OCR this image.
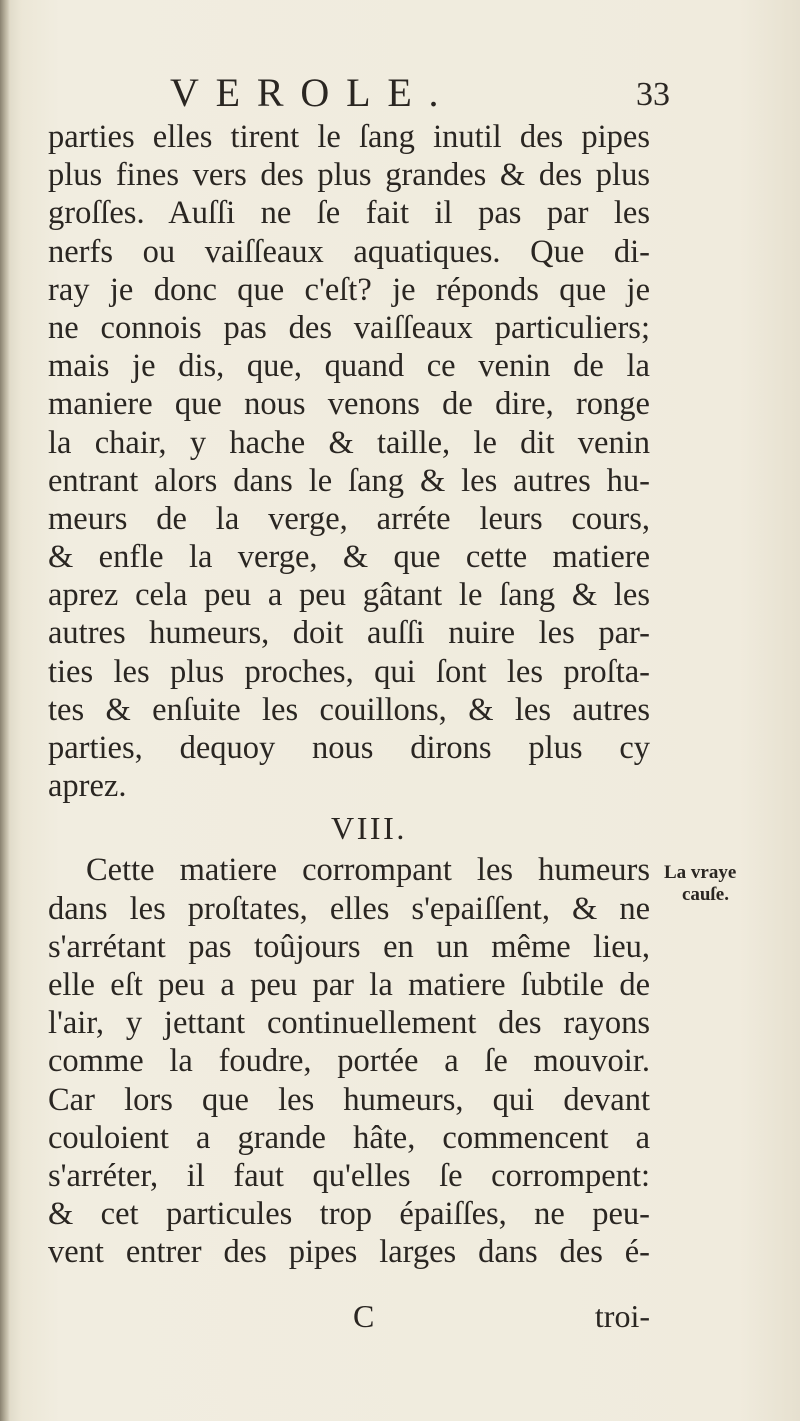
VEROLE.	33
parties elles tirent le ſang inutil des pipes
plus fines vers des plus grandes & des plus
groſſes. Auſſi ne ſe fait il pas par les
nerfs ou vaiſſeaux aquatiques. Que di-
ray je donc que c'eſt? je réponds que je
ne connois pas des vaiſſeaux particuliers;
mais je dis, que, quand ce venin de la
maniere que nous venons de dire, ronge
la chair, y hache & taille, le dit venin
entrant alors dans le ſang & les autres hu-
meurs de la verge, arréte leurs cours,
& enfle la verge, & que cette matiere
aprez cela peu a peu gâtant le ſang & les
autres humeurs, doit auſſi nuire les par-
ties les plus proches, qui ſont les proſta-
tes & enſuite les couillons, & les autres
parties, dequoy nous dirons plus cy
aprez.
VIII.
Cette matiere corrompant les humeurs
dans les proſtates, elles s'epaiſſent, & ne
s'arrétant pas toûjours en un même lieu,
elle eſt peu a peu par la matiere ſubtile de
l'air, y jettant continuellement des rayons
comme la foudre, portée a ſe mouvoir.
Car lors que les humeurs, qui devant
couloient a grande hâte, commencent a
s'arréter, il faut qu'elles ſe corrompent:
& cet particules trop épaiſſes, ne peu-
vent entrer des pipes larges dans des é-
La vraye
cauſe.
C	troi-
